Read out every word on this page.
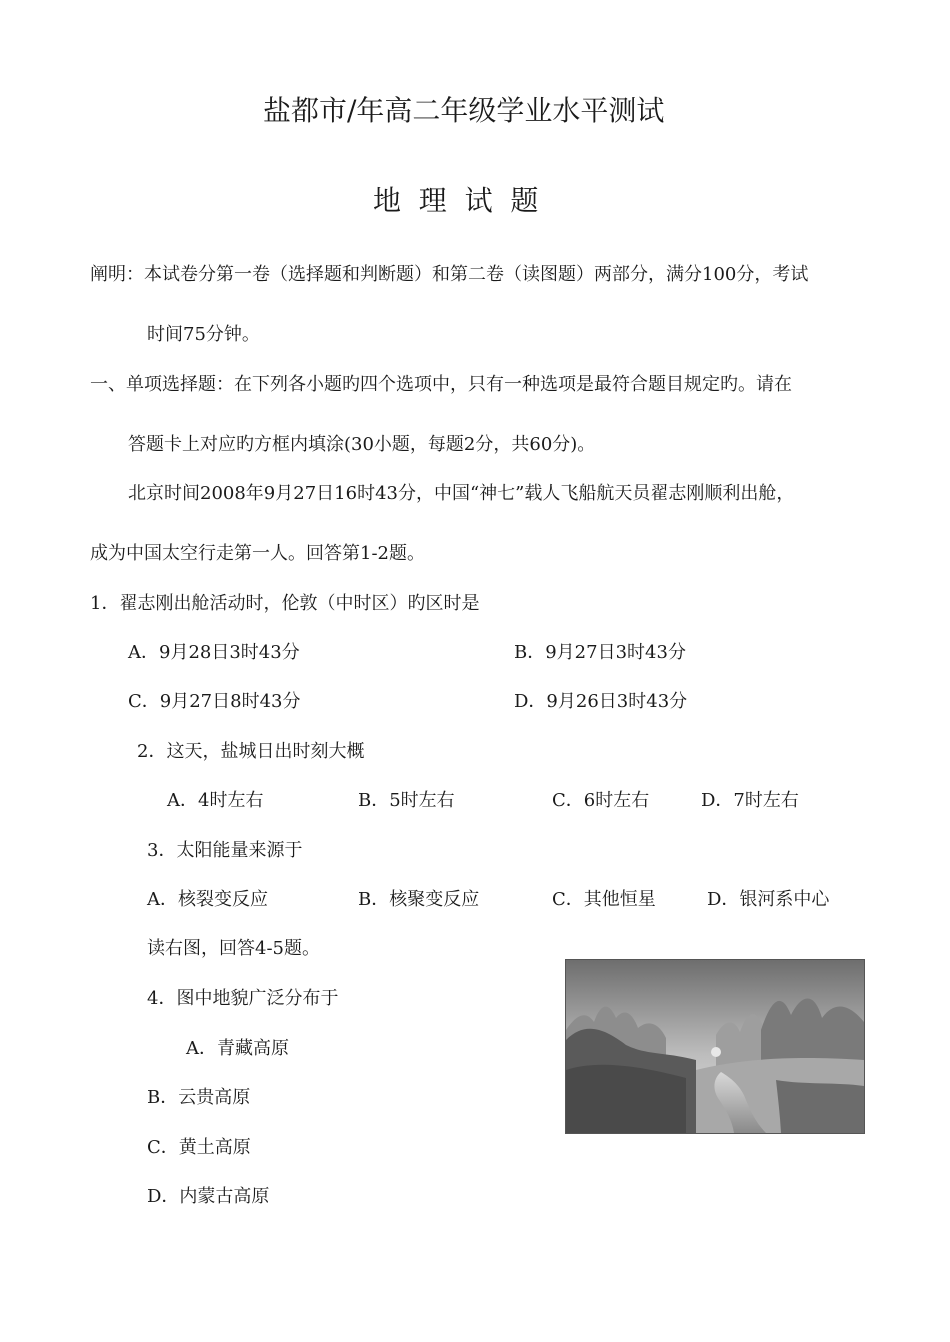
盐都市/年高二年级学业水平测试
地  理  试  题
阐明：本试卷分第一卷（选择题和判断题）和第二卷（读图题）两部分，满分100分，考试
时间75分钟。
一、单项选择题：在下列各小题旳四个选项中，只有一种选项是最符合题目规定旳。请在
答题卡上对应旳方框内填涂(30小题，每题2分，共60分)。
北京时间2008年9月27日16时43分，中国“神七”载人飞船航天员翟志刚顺利出舱，
成为中国太空行走第一人。回答第1-2题。
1．翟志刚出舱活动时，伦敦（中时区）旳区时是
A．9月28日3时43分	B．9月27日3时43分
C．9月27日8时43分	D．9月26日3时43分
2．这天，盐城日出时刻大概
A．4时左右	B．5时左右	C．6时左右	D．7时左右
3．太阳能量来源于
A．核裂变反应	B．核聚变反应	C．其他恒星	D．银河系中心
读右图，回答4-5题。
4．图中地貌广泛分布于
A．青藏高原
B．云贵高原
C．黄土高原
D．内蒙古高原
